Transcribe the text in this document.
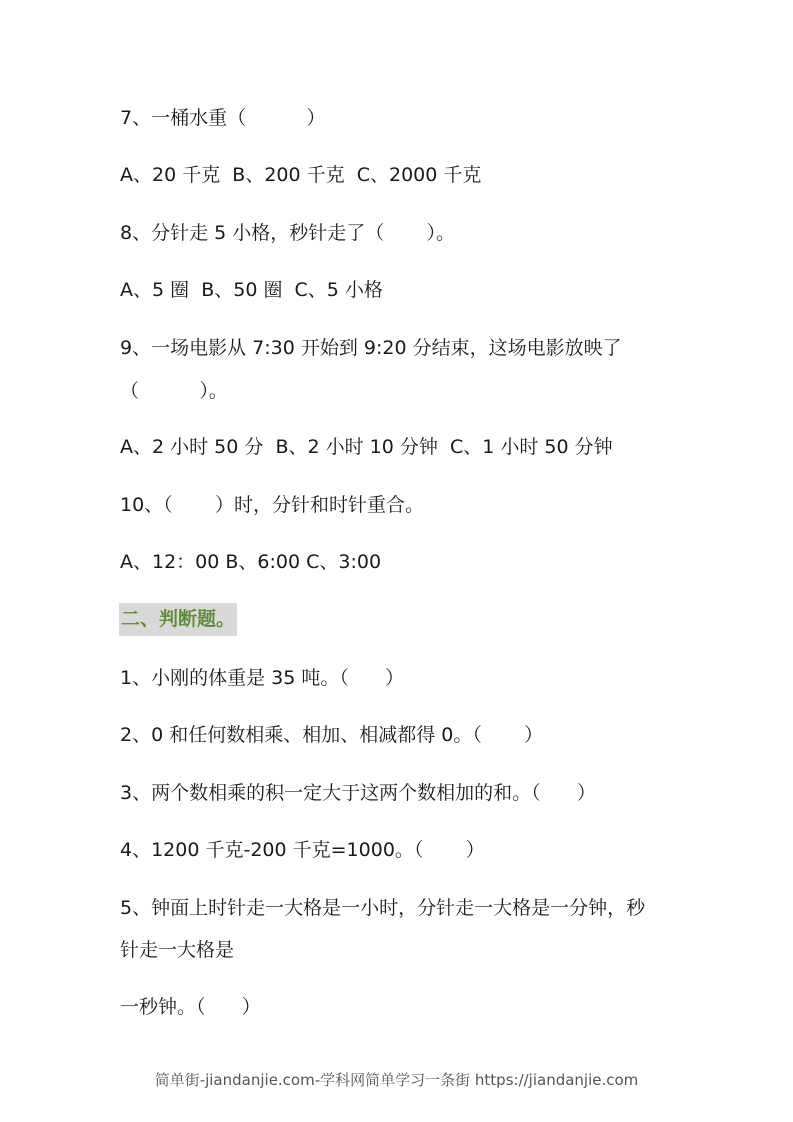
7、一桶水重（          ）

A、20 千克  B、200 千克  C、2000 千克

8、分针走 5 小格，秒针走了（       ）。

A、5 圈  B、50 圈  C、5 小格

9、一场电影从 7:30 开始到 9:20 分结束，这场电影放映了

（          ）。

A、2 小时 50 分  B、2 小时 10 分钟  C、1 小时 50 分钟

10、（       ）时，分针和时针重合。

A、12：00 B、6:00 C、3:00

二、判断题。

1、小刚的体重是 35 吨。（      ）

2、0 和任何数相乘、相加、相减都得 0。（       ）

3、两个数相乘的积一定大于这两个数相加的和。（      ）

4、1200 千克-200 千克=1000。（       ）

5、钟面上时针走一大格是一小时，分针走一大格是一分钟，秒

针走一大格是

一秒钟。（      ）

简单街-jiandanjie.com-学科网简单学习一条街 https://jiandanjie.com
